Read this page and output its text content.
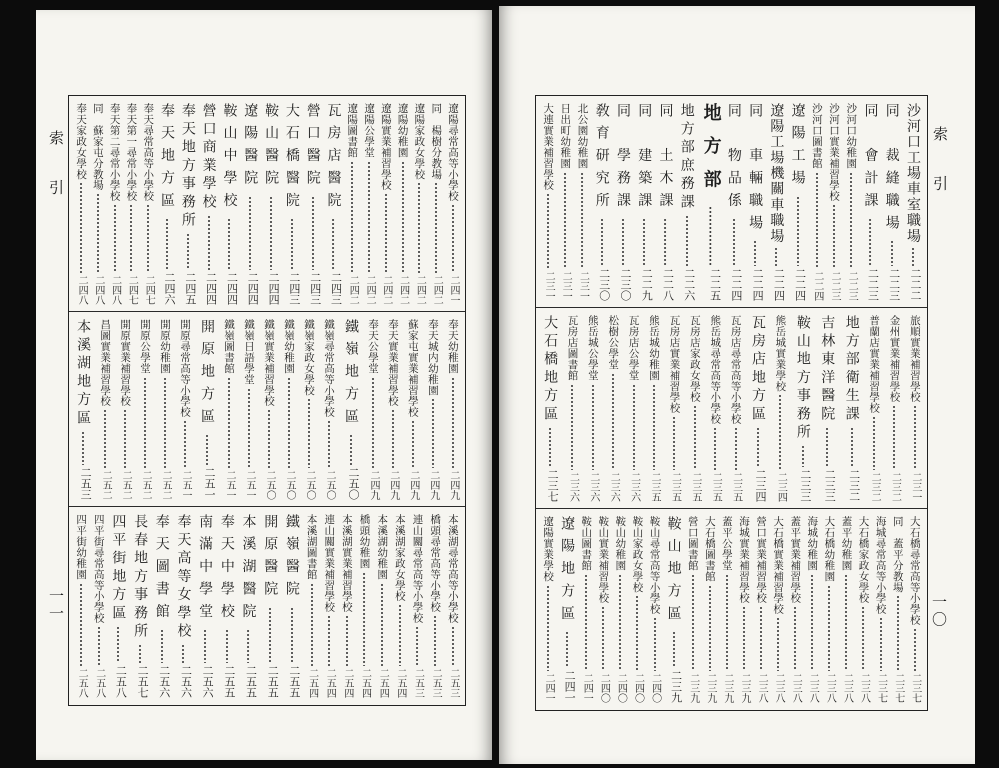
索引	遼陽尋常高等小學校
二四一
同　楊樹分教場
二四二
遼陽家政女學校
二四二
遼陽幼稚園
二四二
遼陽實業補習學校
二四二
遼陽公學堂
二四二
遼陽圖書館
二四二
瓦房店醫院
二四三
營口醫院
二四三
大石橋醫院
二四三
鞍山醫院
二四四
遼陽醫院
二四四
鞍山中學校
二四四
營口商業學校
二四四
奉天地方事務所
二四五
奉天地方區
二四六
奉天尋常高等小學校
二四七
奉天第一尋常小學校
二四七
奉天第二尋常小學校
二四八
同　蘇家屯分教場
二四八
奉天家政女學校
二四八
奉天幼稚園
二四九
奉天城内幼稚園
二四九
蘇家屯實業補習學校
二四九
奉天實業補習學校
二四九
奉天公學堂
二四九
鐵嶺地方區
二五〇
鐵嶺尋常高等小學校
二五〇
鐵嶺家政女學校
二五〇
鐵嶺幼稚園
二五〇
鐵嶺實業補習學校
二五〇
鐵嶺日語學堂
二五一
鐵嶺圖書館
二五一
開原地方區
二五一
開原尋常高等小學校
二五一
開原幼稚園
二五二
開原公學堂
二五二
開原實業補習學校
二五二
昌圖實業補習學校
二五二
本溪湖地方區
二五三
本溪湖尋常高等小學校
二五三
橋頭尋常高等小學校
二五三
連山關尋常高等小學校
二五三
本溪湖家政女學校
二五四
本溪湖幼稚園
二五四
橋頭幼稚園
二五四
本溪湖實業補習學校
二五四
連山關實業補習學校
二五四
本溪湖圖書館
二五四
鐵嶺醫院
二五五
開原醫院
二五五
本溪湖醫院
二五五
奉天中學校
二五五
南滿中學堂
二五六
奉天高等女學校
二五六
奉天圖書館
二五六
長春地方事務所
二五七
四平街地方區
二五八
四平街尋常高等小學校
二五八
四平街幼稚園
二五八
一一
索引
沙河口工場車室職場
二二二
同　裁縫職場
二二三
同　會計課
二二三
沙河口幼稚園
二二三
沙河口實業補習學校
二二三
沙河口圖書館
二二四
遼陽工場
二二四
遼陽工場機關車職場
二二四
同　車輛職場
二二四
同　物品係
二二四
地方部
二二五
地方部庶務課
二二六
同　土木課
二二八
同　建築課
二二九
同　學務課
二三〇
敎育研究所
二三〇
北公園幼稚園
二三一
日出町幼稚園
二三一
大連實業補習學校
二三一
旅順實業補習學校
二三一
金州實業補習學校
二三二
普蘭店實業補習學校
二三二
地方部衛生課
二三二
吉林東洋醫院
二三三
鞍山地方事務所
二三三
熊岳城實業學校
二三四
瓦房店地方區
二三四
瓦房店尋常高等小學校
二三五
熊岳城尋常高等小學校
二三五
瓦房店家政女學校
二三五
瓦房店實業補習學校
二三五
熊岳城幼稚園
二三五
瓦房店公學堂
二三六
松樹公學堂
二三六
熊岳城公學堂
二三六
瓦房店圖書館
二三六
大石橋地方區
二三七
大石橋尋常高等小學校
二三七
同　蓋平分教場
二三七
海城尋常高等小學校
二三七
大石橋家政女學校
二三八
蓋平幼稚園
二三八
大石橋幼稚園
二三八
海城幼稚園
二三八
蓋平實業補習學校
二三八
大石橋實業補習學校
二三八
營口實業補習學校
二三八
海城實業補習學校
二三九
蓋平公學堂
二三九
大石橋圖書館
二三九
營口圖書館
二三九
鞍山地方區
二三九
鞍山尋常高等小學校
二四〇
鞍山家政女學校
二四〇
鞍山幼稚園
二四〇
鞍山實業補習學校
二四〇
鞍山圖書館
二四一
遼陽地方區
二四一
遼陽實業學校
二四一
一〇
